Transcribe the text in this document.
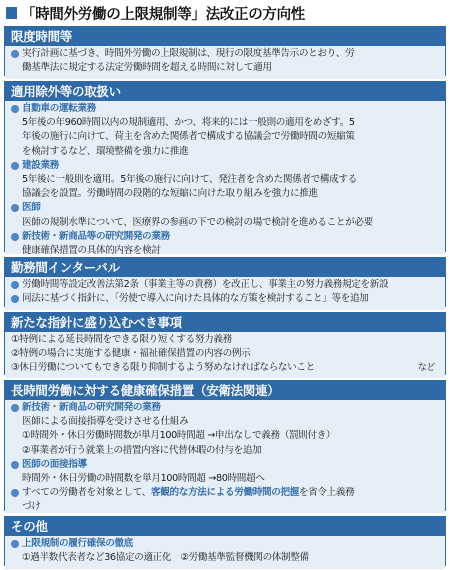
「時間外労働の上限規制等」法改正の方向性
限度時間等
実行計画に基づき、時間外労働の上限規制は、現行の限度基準告示のとおり、労
働基準法に規定する法定労働時間を超える時間に対して適用
適用除外等の取扱い
自動車の運転業務
5年後の年960時間以内の規制適用、かつ、将来的には一般則の適用をめざす。5
年後の施行に向けて、荷主を含めた関係者で構成する協議会で労働時間の短縮策
を検討するなど、環境整備を強力に推進
建設業務
5年後に一般則を適用。5年後の施行に向けて、発注者を含めた関係者で構成する
協議会を設置。労働時間の段階的な短縮に向けた取り組みを強力に推進
医師
医師の規制水準について、医療界の参画の下での検討の場で検討を進めることが必要
新技術・新商品等の研究開発の業務
健康確保措置の具体的内容を検討
勤務間インターバル
労働時間等設定改善法第2条（事業主等の責務）を改正し、事業主の努力義務規定を新設
同法に基づく指針に、「労使で導入に向けた具体的な方策を検討すること」等を追加
新たな指針に盛り込むべき事項
①特例による延長時間をできる限り短くする努力義務
②特例の場合に実施する健康・福祉確保措置の内容の例示
③休日労働についてもできる限り抑制するよう努めなければならないこと	など
長時間労働に対する健康確保措置（安衛法関連）
新技術・新商品の研究開発の業務
医師による面接指導を受けさせる仕組み
①時間外・休日労働時間数が単月100時間超 →申出なしで義務（罰則付き）
②事業者が行う就業上の措置内容に代替休暇の付与を追加
医師の面接指導
時間外・休日労働の時間数を単月100時間超 →80時間超へ
すべての労働者を対象として、客観的な方法による労働時間の把握を省令上義務
づけ
その他
上限規制の履行確保の徹底
①過半数代表者など36協定の適正化　②労働基準監督機関の体制整備
